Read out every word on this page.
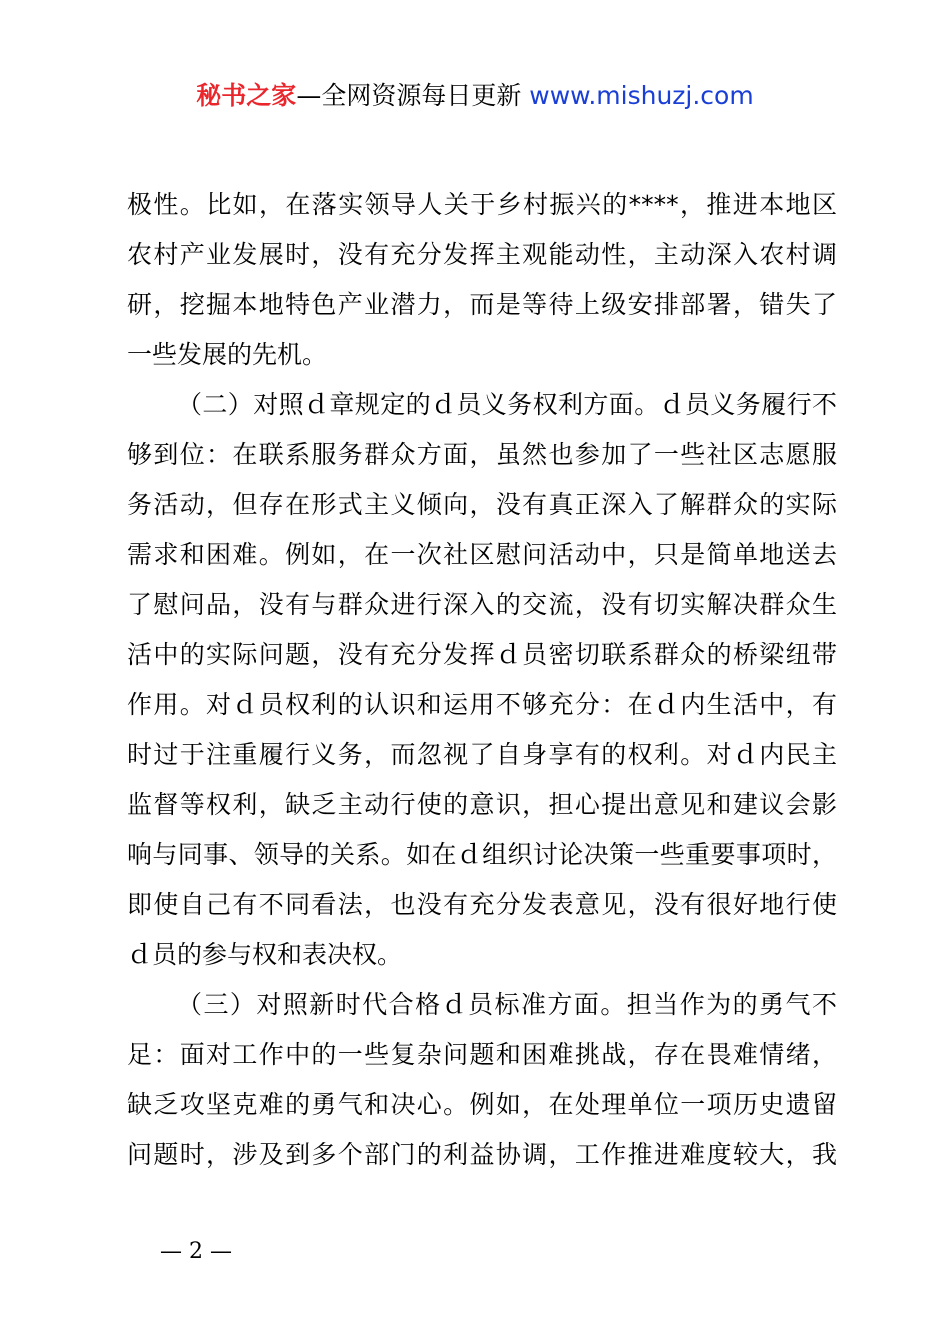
秘书之家—全网资源每日更新 www.mishuzj.com
极性。比如，在落实领导人关于乡村振兴的****，推进本地区
农村产业发展时，没有充分发挥主观能动性，主动深入农村调
研，挖掘本地特色产业潜力，而是等待上级安排部署，错失了
一些发展的先机。
（二）对照ｄ章规定的ｄ员义务权利方面。ｄ员义务履行不
够到位：在联系服务群众方面，虽然也参加了一些社区志愿服
务活动，但存在形式主义倾向，没有真正深入了解群众的实际
需求和困难。例如，在一次社区慰问活动中，只是简单地送去
了慰问品，没有与群众进行深入的交流，没有切实解决群众生
活中的实际问题，没有充分发挥ｄ员密切联系群众的桥梁纽带
作用。对ｄ员权利的认识和运用不够充分：在ｄ内生活中，有
时过于注重履行义务，而忽视了自身享有的权利。对ｄ内民主
监督等权利，缺乏主动行使的意识，担心提出意见和建议会影
响与同事、领导的关系。如在ｄ组织讨论决策一些重要事项时，
即使自己有不同看法，也没有充分发表意见，没有很好地行使
ｄ员的参与权和表决权。
（三）对照新时代合格ｄ员标准方面。担当作为的勇气不
足：面对工作中的一些复杂问题和困难挑战，存在畏难情绪，
缺乏攻坚克难的勇气和决心。例如，在处理单位一项历史遗留
问题时，涉及到多个部门的利益协调，工作推进难度较大，我
— 2 —
